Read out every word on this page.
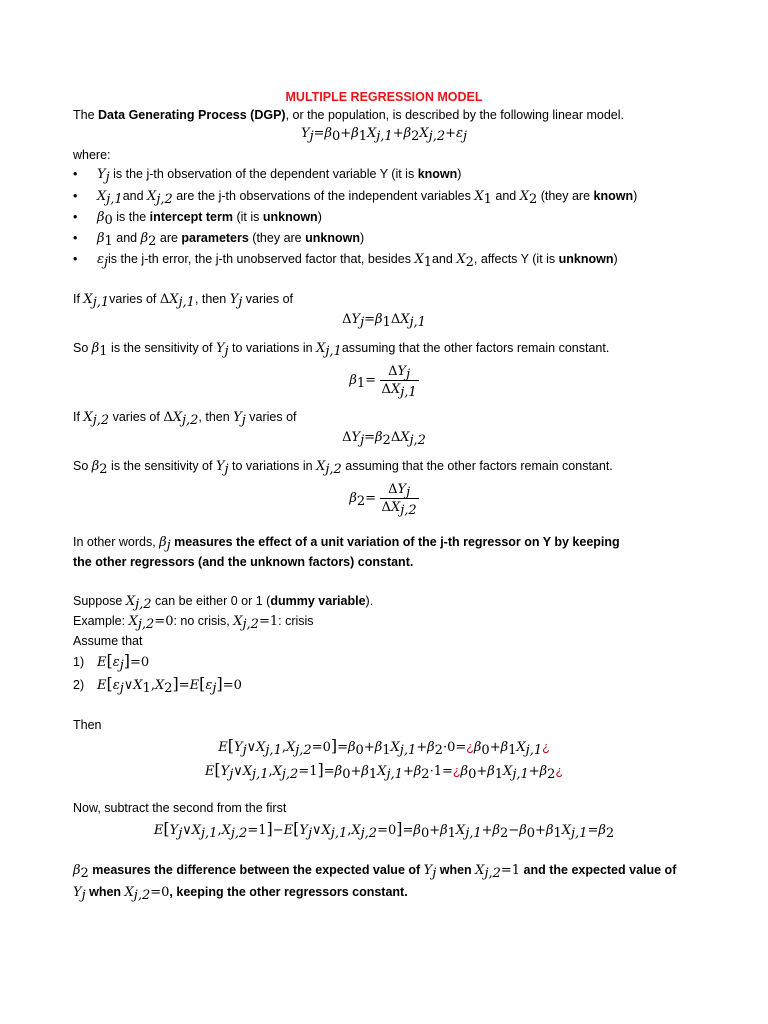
MULTIPLE REGRESSION MODEL
The Data Generating Process (DGP), or the population, is described by the following linear model.
$Y_j=\beta_0+\beta_1X_{j,1}+\beta_2X_{j,2}+\varepsilon_j$
where:
$•Y_j$ is the j-th observation of the dependent variable Y (it is known)
$•X_{j,1}and$ $X_{j,2}$ are the j-th observations of the independent variables $X_1$ and $X_2$ (they are known)
$•\beta_0$ is the intercept term (it is unknown)
$•\beta_1$ and $\beta_2$ are parameters (they are unknown)
$•\varepsilon_jis$ the j-th error, the j-th unobserved factor that, besides $X_1and$ $X_2$, affects Y (it is unknown)
If $X_{j,1}varies$ of $\Delta X_{j,1}$, then $Y_j$ varies of
$\Delta Y_j=\beta_1\Delta X_{j,1}$
So $\beta_1$ is the sensitivity of $Y_j$ to variations in $X_{j,1}assuming$ that the other factors remain constant.
$\beta_1= \frac{\Delta Y_j}{\Delta X_{j,1}}$
If $X_{j,2}$ varies of $\Delta X_{j,2}$, then $Y_j$ varies of
$\Delta Y_j=\beta_2\Delta X_{j,2}$
So $\beta_2$ is the sensitivity of $Y_j$ to variations in $X_{j,2}$ assuming that the other factors remain constant.
$\beta_2= \frac{\Delta Y_j}{\Delta X_{j,2}}$
In other words, $\beta_j$ measures the effect of a unit variation of the j-th regressor on Y by keeping
the other regressors (and the unknown factors) constant.
Suppose $X_{j,2}$ can be either 0 or 1 (dummy variable).
Example: $X_{j,2}=0$: no crisis, $X_{j,2}=1$: crisis
Assume that
1) $E[\varepsilon_j]=0$
2) $E[\varepsilon_j\vee X_1,X_2]=E[\varepsilon_j]=0$
Then
$E[Y_j\vee X_{j,1},X_{j,2}=0]=\beta_0+\beta_1X_{j,1}+\beta_2\cdot 0=¿\beta_0+\beta_1X_{j,1}¿$
$E[Y_j\vee X_{j,1},X_{j,2}=1]=\beta_0+\beta_1X_{j,1}+\beta_2\cdot 1=¿\beta_0+\beta_1X_{j,1}+\beta_2¿$
Now, subtract the second from the first
$E[Y_j\vee X_{j,1},X_{j,2}=1]-E[Y_j\vee X_{j,1},X_{j,2}=0]=\beta_0+\beta_1X_{j,1}+\beta_2-\beta_0+\beta_1X_{j,1}=\beta_2$
$\beta_2$ measures the difference between the expected value of $Y_j$ when $X_{j,2}=1$ and the expected value of
$Y_j$ when $X_{j,2}=0$, keeping the other regressors constant.
